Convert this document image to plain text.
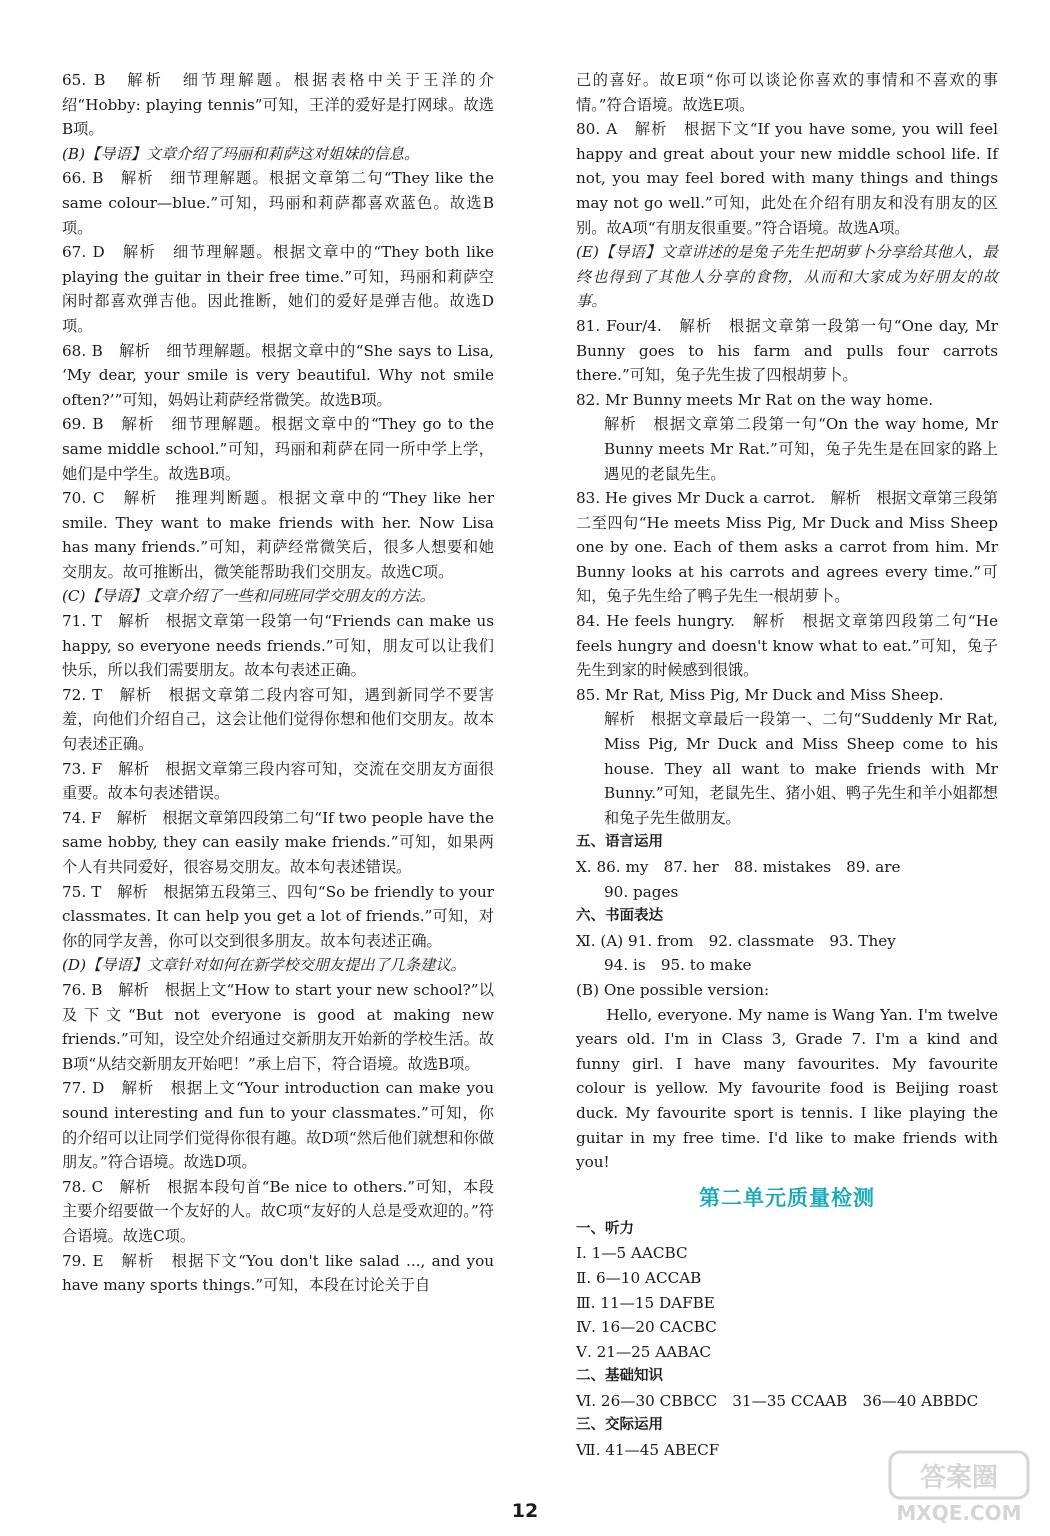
65. B　解析　细节理解题。根据表格中关于王洋的介绍“Hobby: playing tennis”可知，王洋的爱好是打网球。故选B项。

(B)【导语】文章介绍了玛丽和莉萨这对姐妹的信息。

66. B　解析　细节理解题。根据文章第二句“They like the same colour—blue.”可知，玛丽和莉萨都喜欢蓝色。故选B项。

67. D　解析　细节理解题。根据文章中的“They both like playing the guitar in their free time.”可知，玛丽和莉萨空闲时都喜欢弹吉他。因此推断，她们的爱好是弹吉他。故选D项。

68. B　解析　细节理解题。根据文章中的“She says to Lisa, ‘My dear, your smile is very beautiful. Why not smile often?’”可知，妈妈让莉萨经常微笑。故选B项。

69. B　解析　细节理解题。根据文章中的“They go to the same middle school.”可知，玛丽和莉萨在同一所中学上学，她们是中学生。故选B项。

70. C　解析　推理判断题。根据文章中的“They like her smile. They want to make friends with her. Now Lisa has many friends.”可知，莉萨经常微笑后，很多人想要和她交朋友。故可推断出，微笑能帮助我们交朋友。故选C项。

(C)【导语】文章介绍了一些和同班同学交朋友的方法。

71. T　解析　根据文章第一段第一句“Friends can make us happy, so everyone needs friends.”可知，朋友可以让我们快乐，所以我们需要朋友。故本句表述正确。

72. T　解析　根据文章第二段内容可知，遇到新同学不要害羞，向他们介绍自己，这会让他们觉得你想和他们交朋友。故本句表述正确。

73. F　解析　根据文章第三段内容可知，交流在交朋友方面很重要。故本句表述错误。

74. F　解析　根据文章第四段第二句“If two people have the same hobby, they can easily make friends.”可知，如果两个人有共同爱好，很容易交朋友。故本句表述错误。

75. T　解析　根据第五段第三、四句“So be friendly to your classmates. It can help you get a lot of friends.”可知，对你的同学友善，你可以交到很多朋友。故本句表述正确。

(D)【导语】文章针对如何在新学校交朋友提出了几条建议。

76. B　解析　根据上文“How to start your new school?”以及下文“But not everyone is good at making new friends.”可知，设空处介绍通过交新朋友开始新的学校生活。故B项“从结交新朋友开始吧！”承上启下，符合语境。故选B项。

77. D　解析　根据上文“Your introduction can make you sound interesting and fun to your classmates.”可知，你的介绍可以让同学们觉得你很有趣。故D项“然后他们就想和你做朋友。”符合语境。故选D项。

78. C　解析　根据本段句首“Be nice to others.”可知，本段主要介绍要做一个友好的人。故C项“友好的人总是受欢迎的。”符合语境。故选C项。

79. E　解析　根据下文“You don't like salad ..., and you have many sports things.”可知，本段在讨论关于自

己的喜好。故E项“你可以谈论你喜欢的事情和不喜欢的事情。”符合语境。故选E项。

80. A　解析　根据下文“If you have some, you will feel happy and great about your new middle school life. If not, you may feel bored with many things and things may not go well.”可知，此处在介绍有朋友和没有朋友的区别。故A项“有朋友很重要。”符合语境。故选A项。

(E)【导语】文章讲述的是兔子先生把胡萝卜分享给其他人，最终也得到了其他人分享的食物，从而和大家成为好朋友的故事。

81. Four/4.　解析　根据文章第一段第一句“One day, Mr Bunny goes to his farm and pulls four carrots there.”可知，兔子先生拔了四根胡萝卜。

82. Mr Bunny meets Mr Rat on the way home.

解析　根据文章第二段第一句“On the way home, Mr Bunny meets Mr Rat.”可知，兔子先生是在回家的路上遇见的老鼠先生。

83. He gives Mr Duck a carrot.　解析　根据文章第三段第二至四句“He meets Miss Pig, Mr Duck and Miss Sheep one by one. Each of them asks a carrot from him. Mr Bunny looks at his carrots and agrees every time.”可知，兔子先生给了鸭子先生一根胡萝卜。

84. He feels hungry.　解析　根据文章第四段第二句“He feels hungry and doesn't know what to eat.”可知，兔子先生到家的时候感到很饿。

85. Mr Rat, Miss Pig, Mr Duck and Miss Sheep.

解析　根据文章最后一段第一、二句“Suddenly Mr Rat, Miss Pig, Mr Duck and Miss Sheep come to his house. They all want to make friends with Mr Bunny.”可知，老鼠先生、猪小姐、鸭子先生和羊小姐都想和兔子先生做朋友。

五、语言运用

Ⅹ. 86. my　87. her　88. mistakes　89. are

90. pages

六、书面表达

Ⅺ. (A) 91. from　92. classmate　93. They

94. is　95. to make

(B) One possible version:

Hello, everyone. My name is Wang Yan. I'm twelve years old. I'm in Class 3, Grade 7. I'm a kind and funny girl. I have many favourites. My favourite colour is yellow. My favourite food is Beijing roast duck. My favourite sport is tennis. I like playing the guitar in my free time. I'd like to make friends with you!

第二单元质量检测

一、听力

Ⅰ. 1—5 AACBC

Ⅱ. 6—10 ACCAB

Ⅲ. 11—15 DAFBE

Ⅳ. 16—20 CACBC

Ⅴ. 21—25 AABAC

二、基础知识

Ⅵ. 26—30 CBBCC　31—35 CCAAB　36—40 ABBDC

三、交际运用

Ⅶ. 41—45 ABECF

12
答案圈
MXQE.COM
